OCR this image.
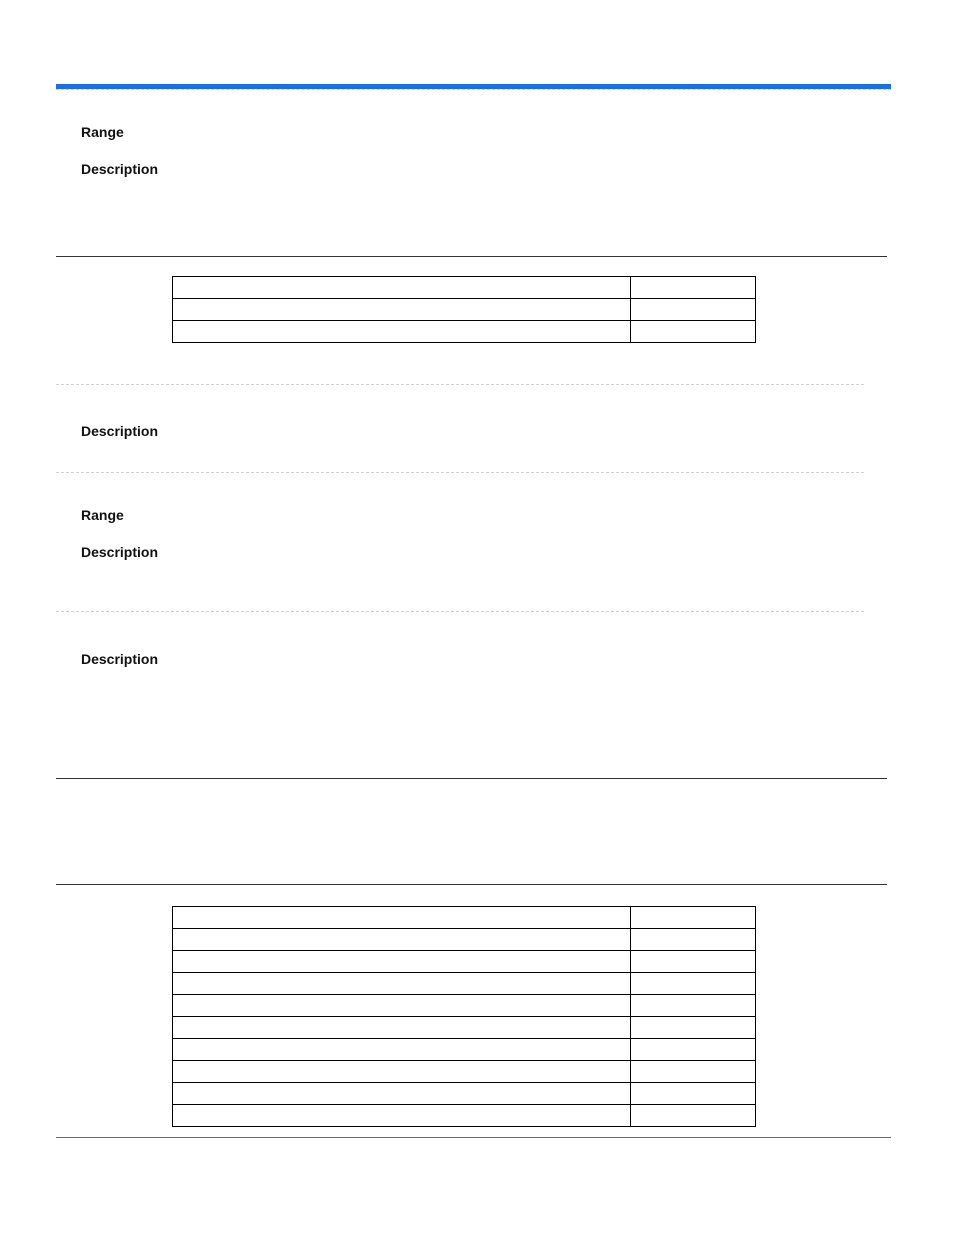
Range
Description

Description
Range
Description
Description
